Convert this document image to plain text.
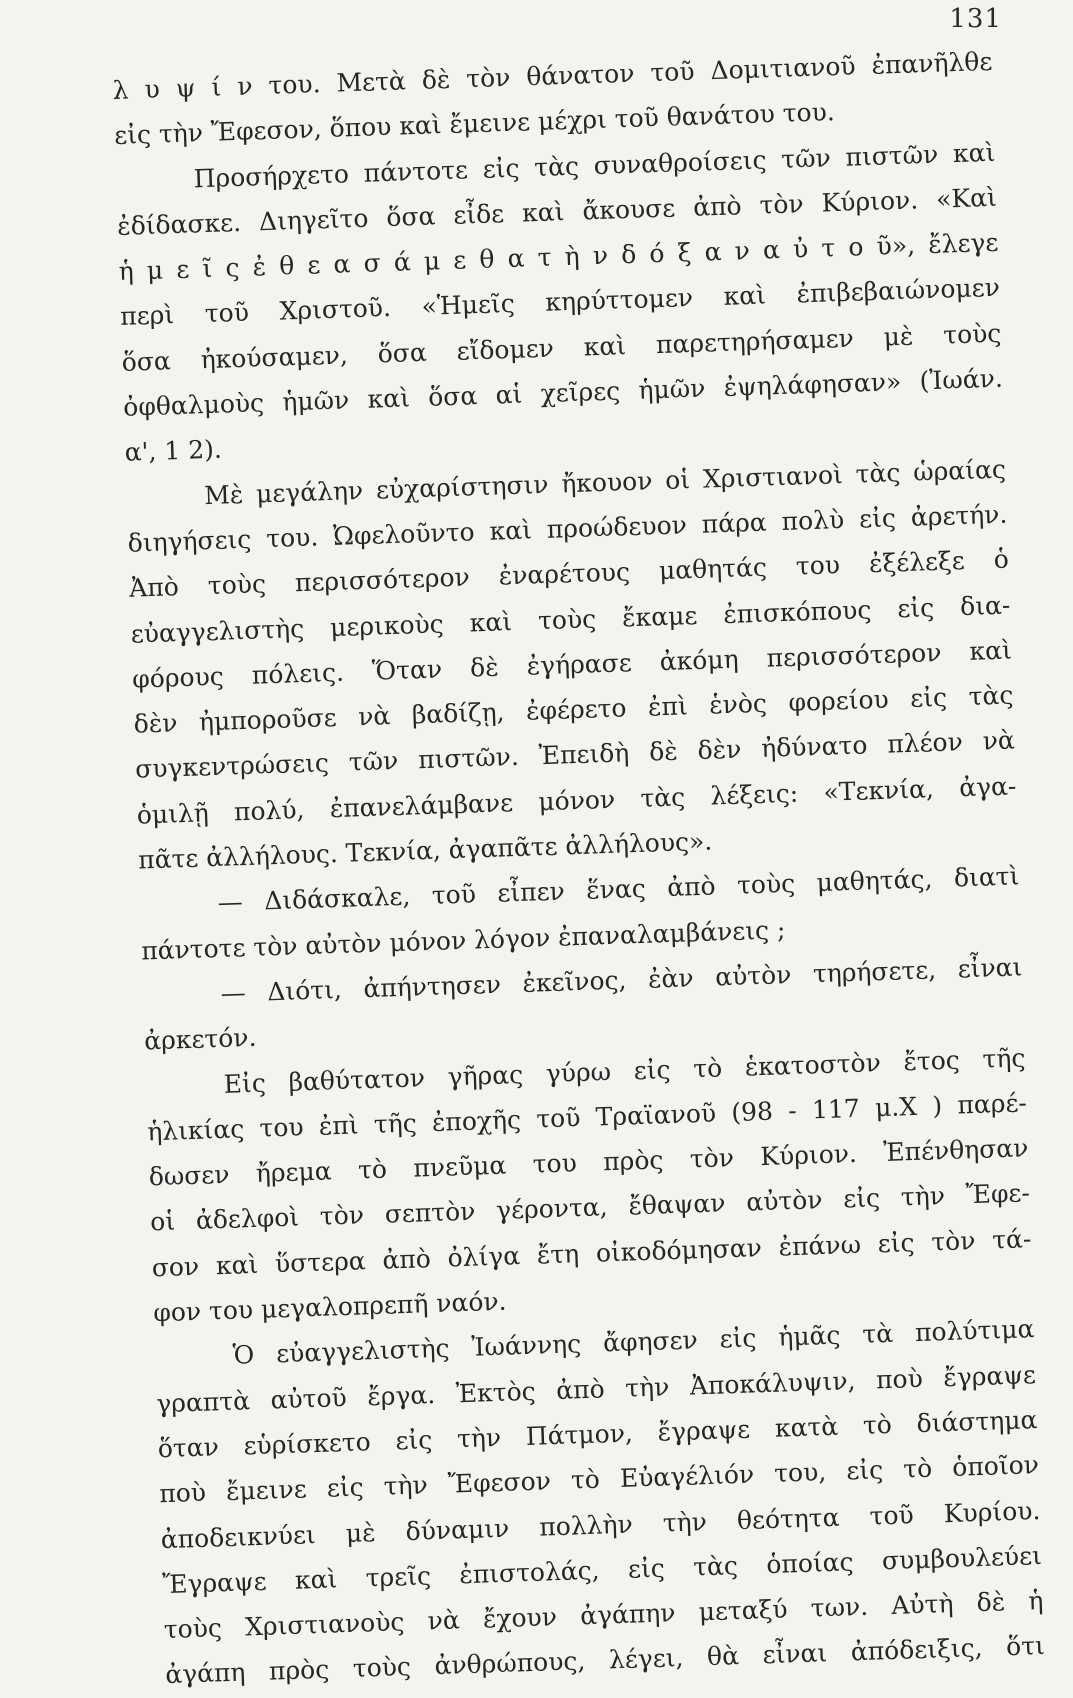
131
λ υ ψ ί ν του. Μετὰ δὲ τὸν θάνατον τοῦ Δομιτιανοῦ ἐπανῆλθε
εἰς τὴν Ἔφεσον, ὅπου καὶ ἔμεινε μέχρι τοῦ θανάτου του.
Προσήρχετο πάντοτε εἰς τὰς συναθροίσεις τῶν πιστῶν καὶ
ἐδίδασκε. Διηγεῖτο ὅσα εἶδε καὶ ἄκουσε ἀπὸ τὸν Κύριον. «Καὶ
ἡ μ ε ῖ ς ἐ θ ε α σ ά μ ε θ α τ ὴ ν δ ό ξ α ν α ὐ τ ο ῦ», ἔλεγε
περὶ τοῦ Χριστοῦ. «Ἡμεῖς κηρύττομεν καὶ ἐπιβεβαιώνομεν
ὅσα ἠκούσαμεν, ὅσα εἴδομεν καὶ παρετηρήσαμεν μὲ τοὺς
ὀφθαλμοὺς ἡμῶν καὶ ὅσα αἱ χεῖρες ἡμῶν ἐψηλάφησαν» (Ἰωάν.
α', 1 2).
Μὲ μεγάλην εὐχαρίστησιν ἤκουον οἱ Χριστιανοὶ τὰς ὡραίας
διηγήσεις του. Ὠφελοῦντο καὶ προώδευον πάρα πολὺ εἰς ἀρετήν.
Ἀπὸ τοὺς περισσότερον ἐναρέτους μαθητάς του ἐξέλεξε ὁ
εὐαγγελιστὴς μερικοὺς καὶ τοὺς ἔκαμε ἐπισκόπους εἰς δια-
φόρους πόλεις. Ὅταν δὲ ἐγήρασε ἀκόμη περισσότερον καὶ
δὲν ἠμποροῦσε νὰ βαδίζῃ, ἐφέρετο ἐπὶ ἑνὸς φορείου εἰς τὰς
συγκεντρώσεις τῶν πιστῶν. Ἐπειδὴ δὲ δὲν ἠδύνατο πλέον νὰ
ὁμιλῇ πολύ, ἐπανελάμβανε μόνον τὰς λέξεις: «Τεκνία, ἀγα-
πᾶτε ἀλλήλους. Τεκνία, ἀγαπᾶτε ἀλλήλους».
— Διδάσκαλε, τοῦ εἶπεν ἕνας ἀπὸ τοὺς μαθητάς, διατὶ
πάντοτε τὸν αὐτὸν μόνον λόγον ἐπαναλαμβάνεις ;
— Διότι, ἀπήντησεν ἐκεῖνος, ἐὰν αὐτὸν τηρήσετε, εἶναι
ἀρκετόν.
Εἰς βαθύτατον γῆρας γύρω εἰς τὸ ἑκατοστὸν ἔτος τῆς
ἡλικίας του ἐπὶ τῆς ἐποχῆς τοῦ Τραϊανοῦ (98 - 117 μ.Χ ) παρέ-
δωσεν ἤρεμα τὸ πνεῦμα του πρὸς τὸν Κύριον. Ἐπένθησαν
οἱ ἀδελφοὶ τὸν σεπτὸν γέροντα, ἔθαψαν αὐτὸν εἰς τὴν Ἔφε-
σον καὶ ὕστερα ἀπὸ ὀλίγα ἔτη οἰκοδόμησαν ἐπάνω εἰς τὸν τά-
φον του μεγαλοπρεπῆ ναόν.
Ὁ εὐαγγελιστὴς Ἰωάννης ἄφησεν εἰς ἡμᾶς τὰ πολύτιμα
γραπτὰ αὐτοῦ ἔργα. Ἐκτὸς ἀπὸ τὴν Ἀποκάλυψιν, ποὺ ἔγραψε
ὅταν εὑρίσκετο εἰς τὴν Πάτμον, ἔγραψε κατὰ τὸ διάστημα
ποὺ ἔμεινε εἰς τὴν Ἔφεσον τὸ Εὐαγέλιόν του, εἰς τὸ ὁποῖον
ἀποδεικνύει μὲ δύναμιν πολλὴν τὴν θεότητα τοῦ Κυρίου.
Ἔγραψε καὶ τρεῖς ἐπιστολάς, εἰς τὰς ὁποίας συμβουλεύει
τοὺς Χριστιανοὺς νὰ ἔχουν ἀγάπην μεταξύ των. Αὐτὴ δὲ ἡ
ἀγάπη πρὸς τοὺς ἀνθρώπους, λέγει, θὰ εἶναι ἀπόδειξις, ὅτι
